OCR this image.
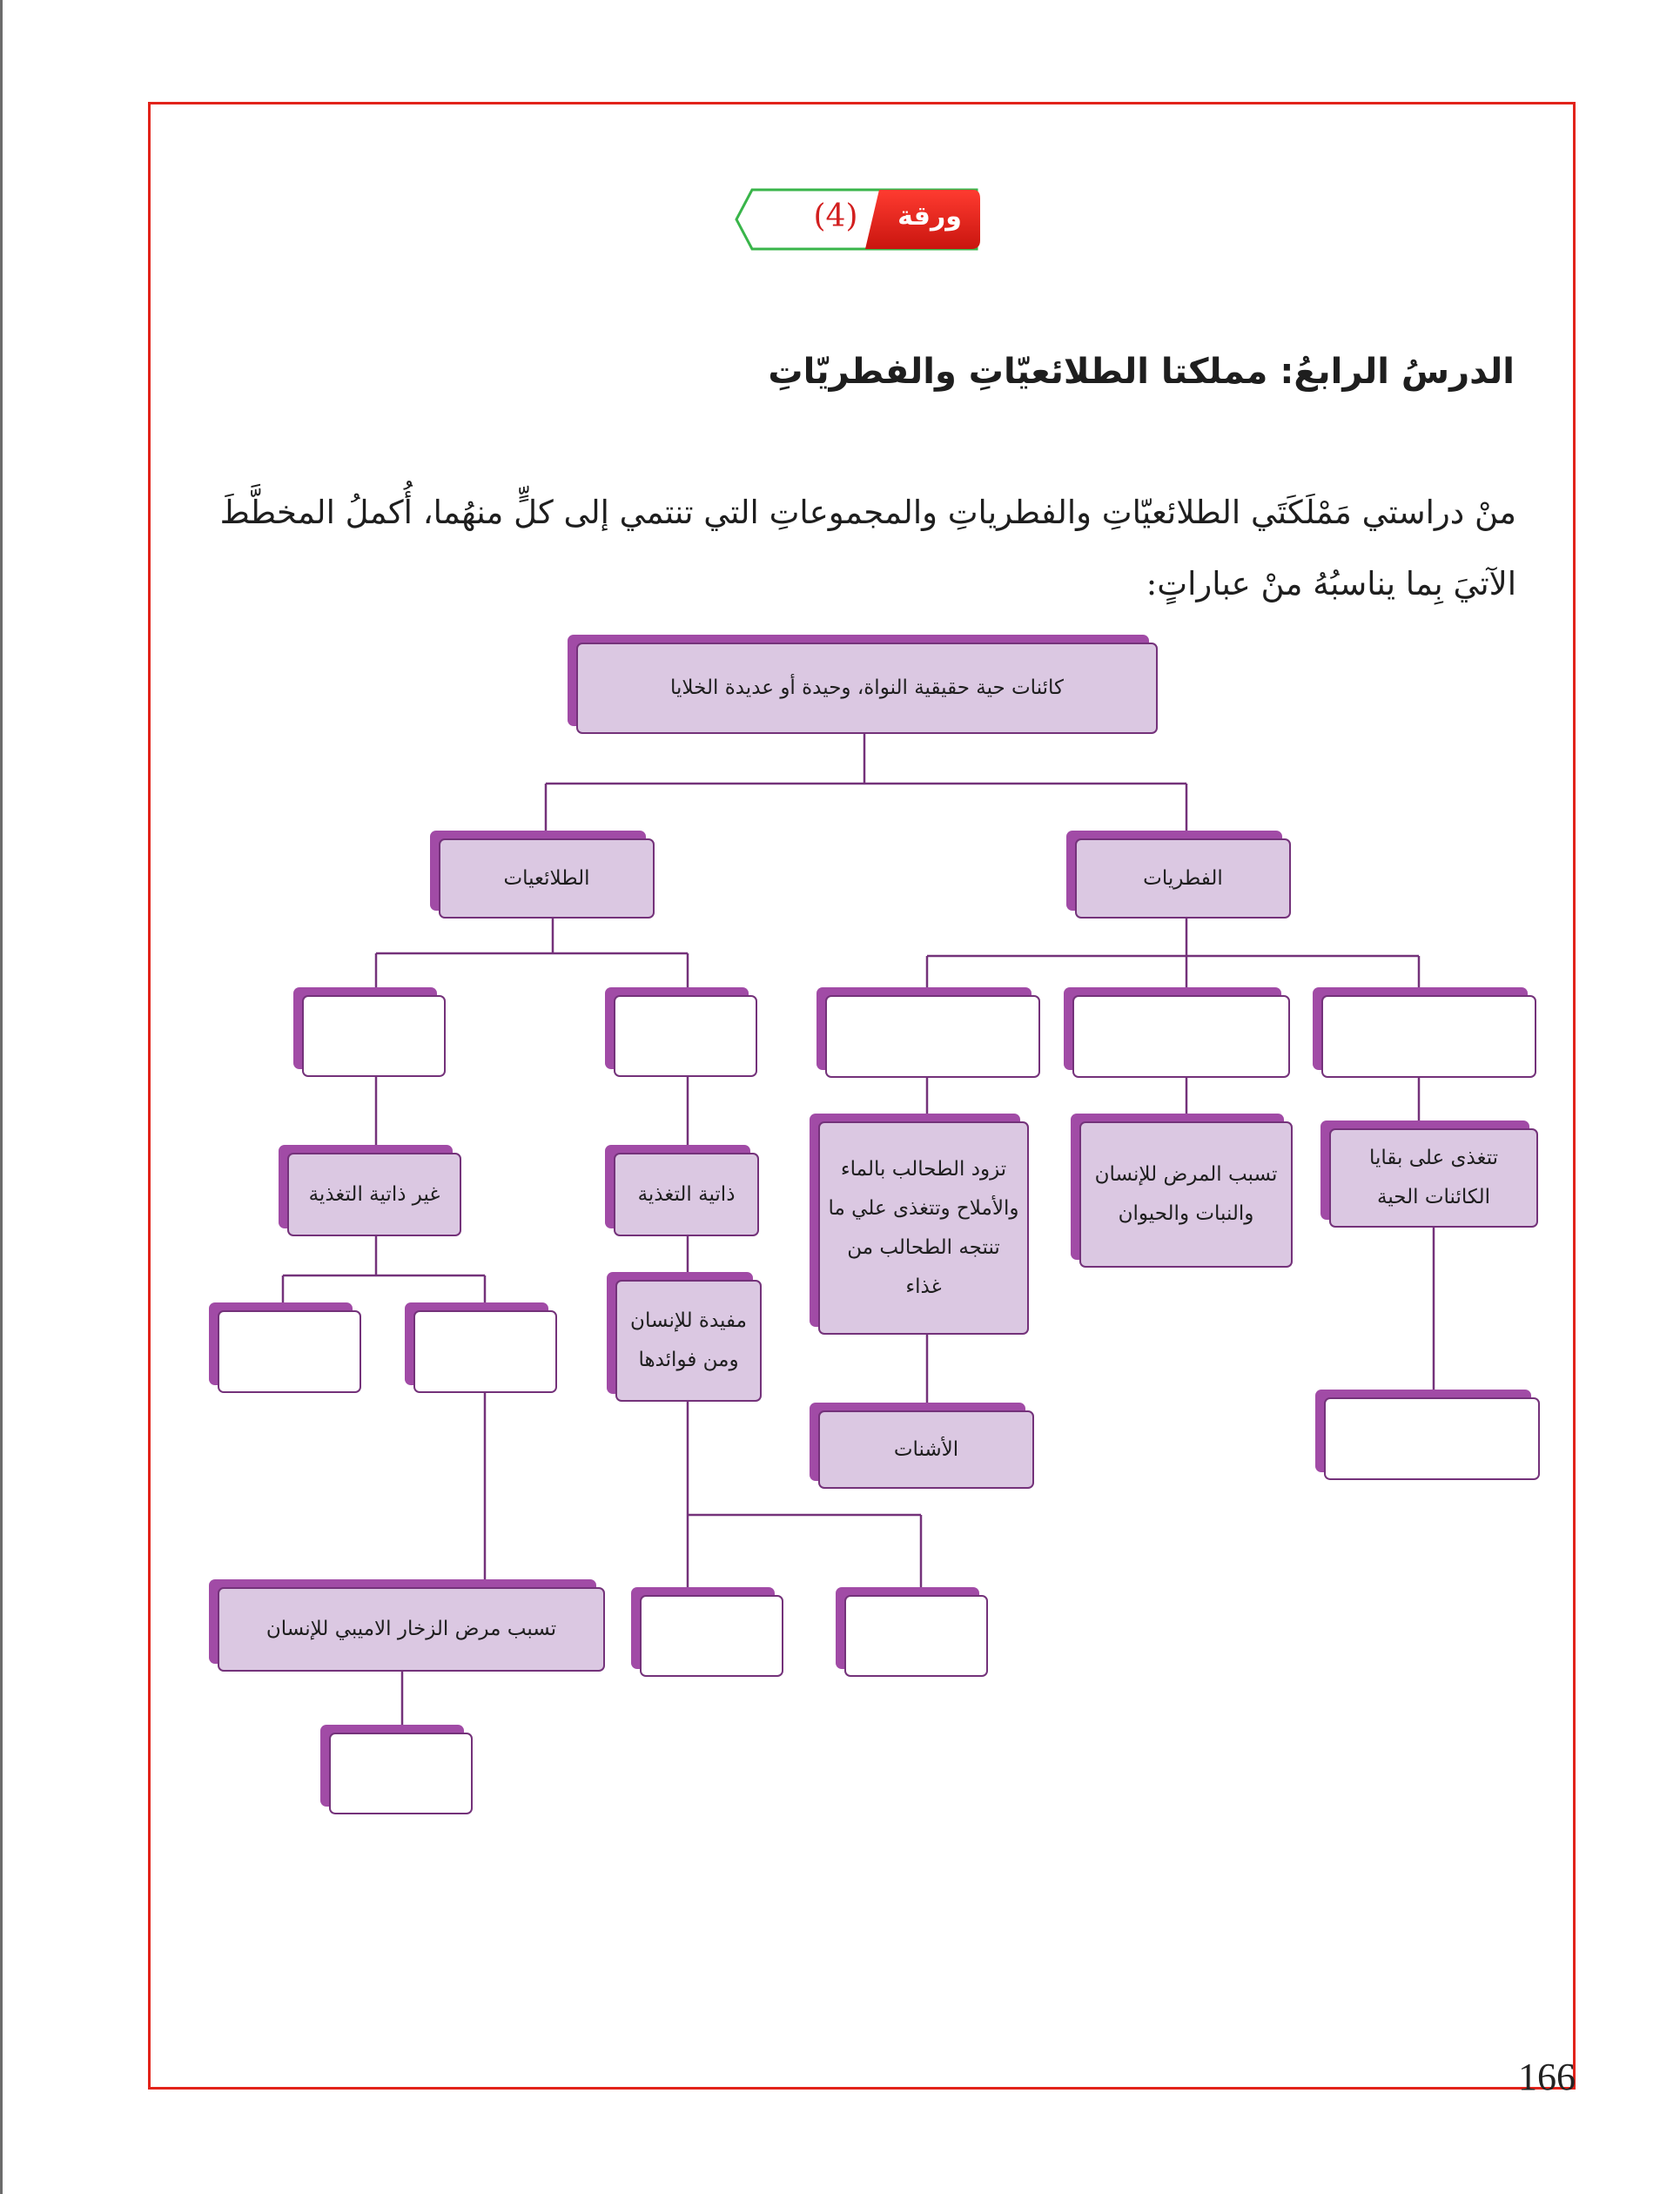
(4)	ورقة عمل
الدرسُ الرابعُ: مملكتا الطلائعيّاتِ والفطريّاتِ
منْ دراستي مَمْلَكَتَي الطلائعيّاتِ والفطرياتِ والمجموعاتِ التي تنتمي إلى كلٍّ منهُما، أُكملُ المخطَّطَ
الآتيَ بِما يناسبُهُ منْ عباراتٍ:
كائنات حية حقيقية النواة، وحيدة أو عديدة الخلايا
الطلائعيات	الفطريات
غير ذاتية التغذية	ذاتية التغذية
تزود الطحالب بالماء والأملاح وتتغذى علي ما تنتجه الطحالب من غذاء
تسبب المرض للإنسان والنبات والحيوان
تتغذى على بقايا الكائنات الحية
مفيدة للإنسان ومن فوائدها
الأشنات
تسبب مرض الزخار الاميبي للإنسان
166
